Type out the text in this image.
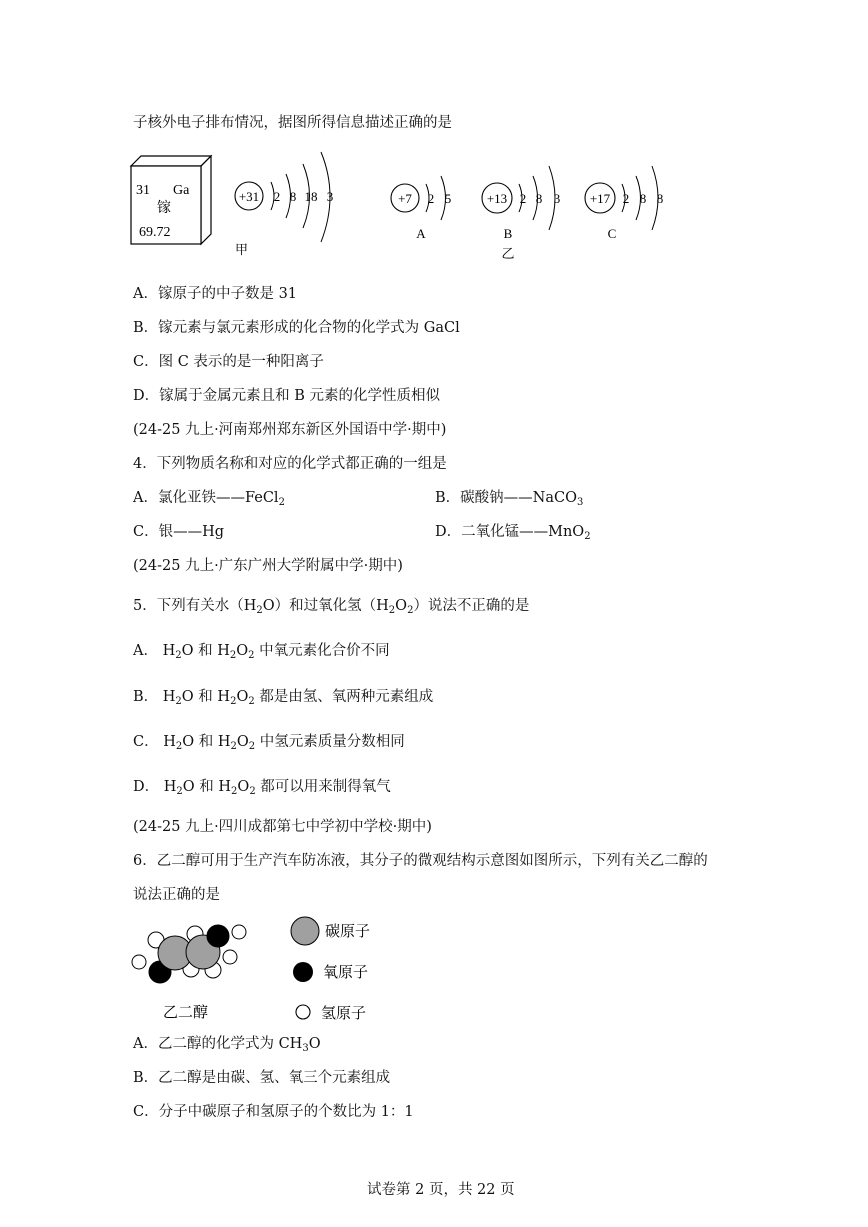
子核外电子排布情况，据图所得信息描述正确的是
31 Ga
镓
69.72
+31 2 8 18 3
甲
+7 2 5
A
+13 2 8 3
B
乙
+17 2 8 8
C
A．镓原子的中子数是 31
B．镓元素与氯元素形成的化合物的化学式为 GaCl
C．图 C 表示的是一种阳离子
D．镓属于金属元素且和 B 元素的化学性质相似
(24-25 九上·河南郑州郑东新区外国语中学·期中)
4．下列物质名称和对应的化学式都正确的一组是
A．氯化亚铁——FeCl$_2$	B．碳酸钠——NaCO$_3$
C．银——Hg	D．二氧化锰——MnO$_2$
(24-25 九上·广东广州大学附属中学·期中)
5．下列有关水$(H_2O)$和过氧化氢$(H_2O_2)$说法不正确的是
A． $H_2O$ 和 $H_2O_2$ 中氧元素化合价不同
B． $H_2O$ 和 $H_2O_2$ 都是由氢、氧两种元素组成
C． $H_2O$ 和 $H_2O_2$ 中氢元素质量分数相同
D． $H_2O$ 和 $H_2O_2$ 都可以用来制得氧气
(24-25 九上·四川成都第七中学初中学校·期中)
6．乙二醇可用于生产汽车防冻液，其分子的微观结构示意图如图所示，下列有关乙二醇的
说法正确的是
乙二醇
碳原子
氧原子
氢原子
A．乙二醇的化学式为 $CH_3O$
B．乙二醇是由碳、氢、氧三个元素组成
C．分子中碳原子和氢原子的个数比为 1：1
试卷第 2 页，共 22 页
